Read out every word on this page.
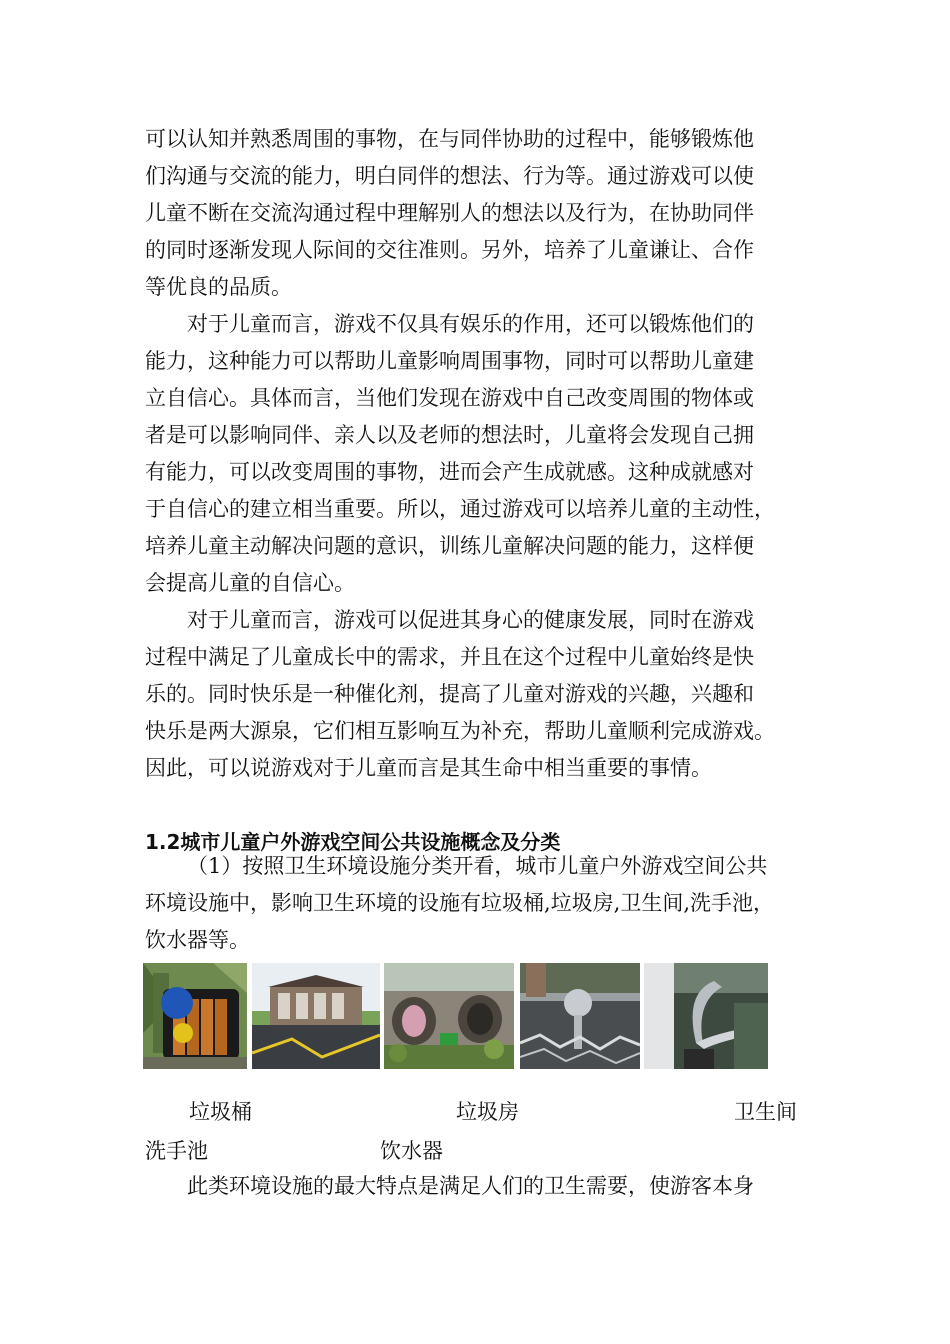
可以认知并熟悉周围的事物，在与同伴协助的过程中，能够锻炼他
们沟通与交流的能力，明白同伴的想法、行为等。通过游戏可以使
儿童不断在交流沟通过程中理解别人的想法以及行为，在协助同伴
的同时逐渐发现人际间的交往准则。另外，培养了儿童谦让、合作
等优良的品质。

对于儿童而言，游戏不仅具有娱乐的作用，还可以锻炼他们的
能力，这种能力可以帮助儿童影响周围事物，同时可以帮助儿童建
立自信心。具体而言，当他们发现在游戏中自己改变周围的物体或
者是可以影响同伴、亲人以及老师的想法时，儿童将会发现自己拥
有能力，可以改变周围的事物，进而会产生成就感。这种成就感对
于自信心的建立相当重要。所以，通过游戏可以培养儿童的主动性，
培养儿童主动解决问题的意识，训练儿童解决问题的能力，这样便
会提高儿童的自信心。

对于儿童而言，游戏可以促进其身心的健康发展，同时在游戏
过程中满足了儿童成长中的需求，并且在这个过程中儿童始终是快
乐的。同时快乐是一种催化剂，提高了儿童对游戏的兴趣，兴趣和
快乐是两大源泉，它们相互影响互为补充，帮助儿童顺利完成游戏。
因此，可以说游戏对于儿童而言是其生命中相当重要的事情。

1.2城市儿童户外游戏空间公共设施概念及分类

（1）按照卫生环境设施分类开看，城市儿童户外游戏空间公共
环境设施中，影响卫生环境的设施有垃圾桶,垃圾房,卫生间,洗手池，
饮水器等。

垃圾桶	垃圾房	卫生间
洗手池	饮水器

此类环境设施的最大特点是满足人们的卫生需要，使游客本身
